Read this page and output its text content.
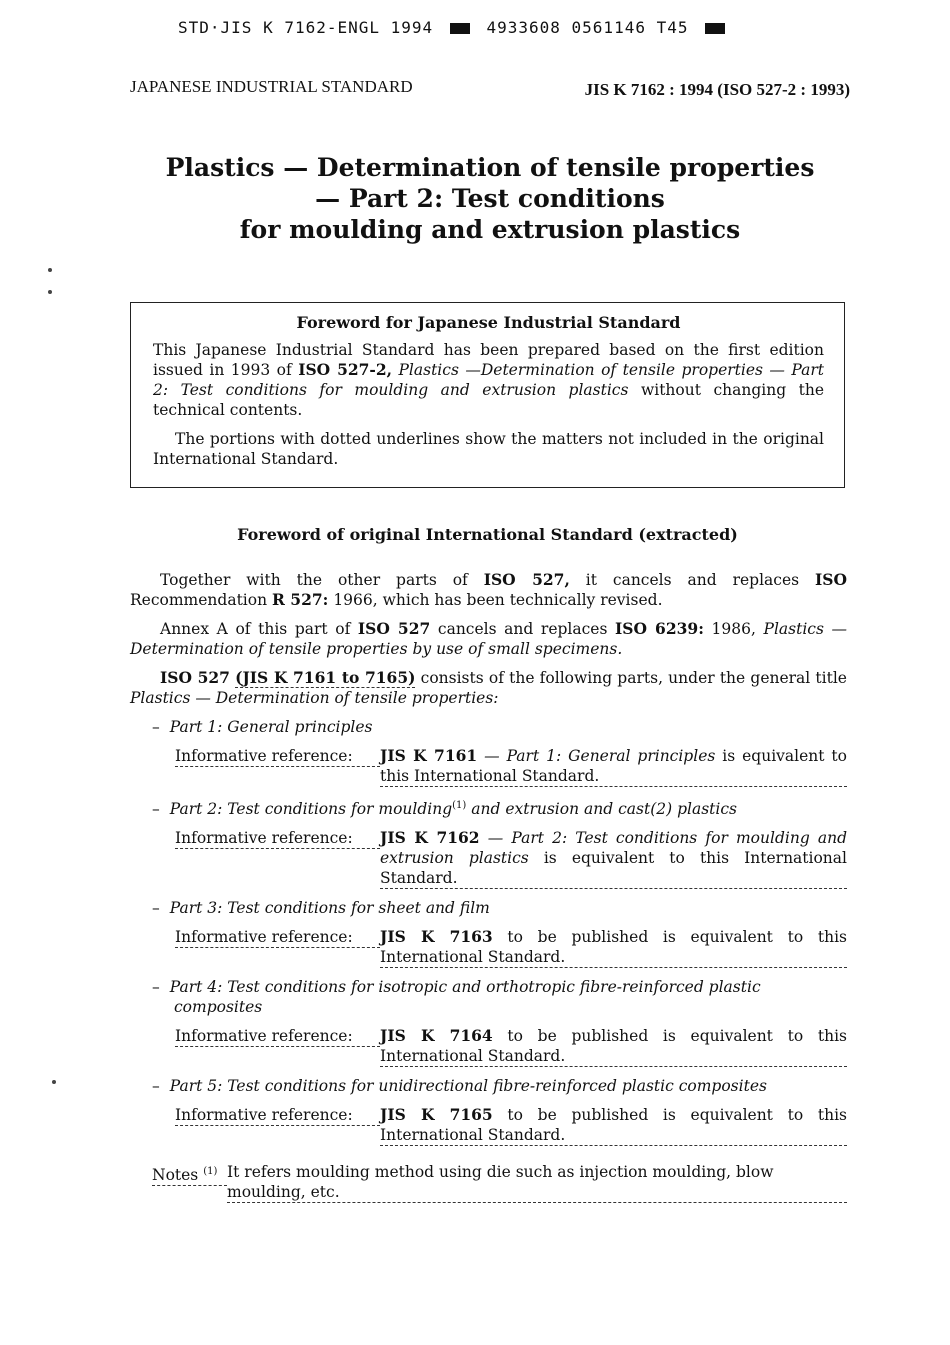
STD·JIS K 7162-ENGL 1994	4933608 0561146 T45
JAPANESE INDUSTRIAL STANDARD	JIS K 7162 : 1994 (ISO 527-2 : 1993)
Plastics — Determination of tensile properties
— Part 2: Test conditions
for moulding and extrusion plastics
Foreword for Japanese Industrial Standard

This Japanese Industrial Standard has been prepared based on the first edition issued in 1993 of ISO 527-2, Plastics —Determination of tensile properties — Part 2: Test conditions for moulding and extrusion plastics without changing the technical contents.

The portions with dotted underlines show the matters not included in the original International Standard.

Foreword of original International Standard (extracted)

Together with the other parts of ISO 527, it cancels and replaces ISO Recommendation R 527: 1966, which has been technically revised.

Annex A of this part of ISO 527 cancels and replaces ISO 6239: 1986, Plastics — Determination of tensile properties by use of small specimens.

ISO 527 (JIS K 7161 to 7165) consists of the following parts, under the general title Plastics — Determination of tensile properties:

– Part 1: General principles
Informative reference:	JIS K 7161 — Part 1: General principles is equivalent to this International Standard.
– Part 2: Test conditions for moulding$^{(1)}$ and extrusion and cast(2) plastics
Informative reference:	JIS K 7162 — Part 2: Test conditions for moulding and extrusion plastics is equivalent to this International Standard.
– Part 3: Test conditions for sheet and film
Informative reference:	JIS K 7163 to be published is equivalent to this International Standard.
– Part 4: Test conditions for isotropic and orthotropic fibre-reinforced plastic composites
Informative reference:	JIS K 7164 to be published is equivalent to this International Standard.
– Part 5: Test conditions for unidirectional fibre-reinforced plastic composites
Informative reference:	JIS K 7165 to be published is equivalent to this International Standard.
Notes $^{(1)}$ It refers moulding method using die such as injection moulding, blow moulding, etc.
